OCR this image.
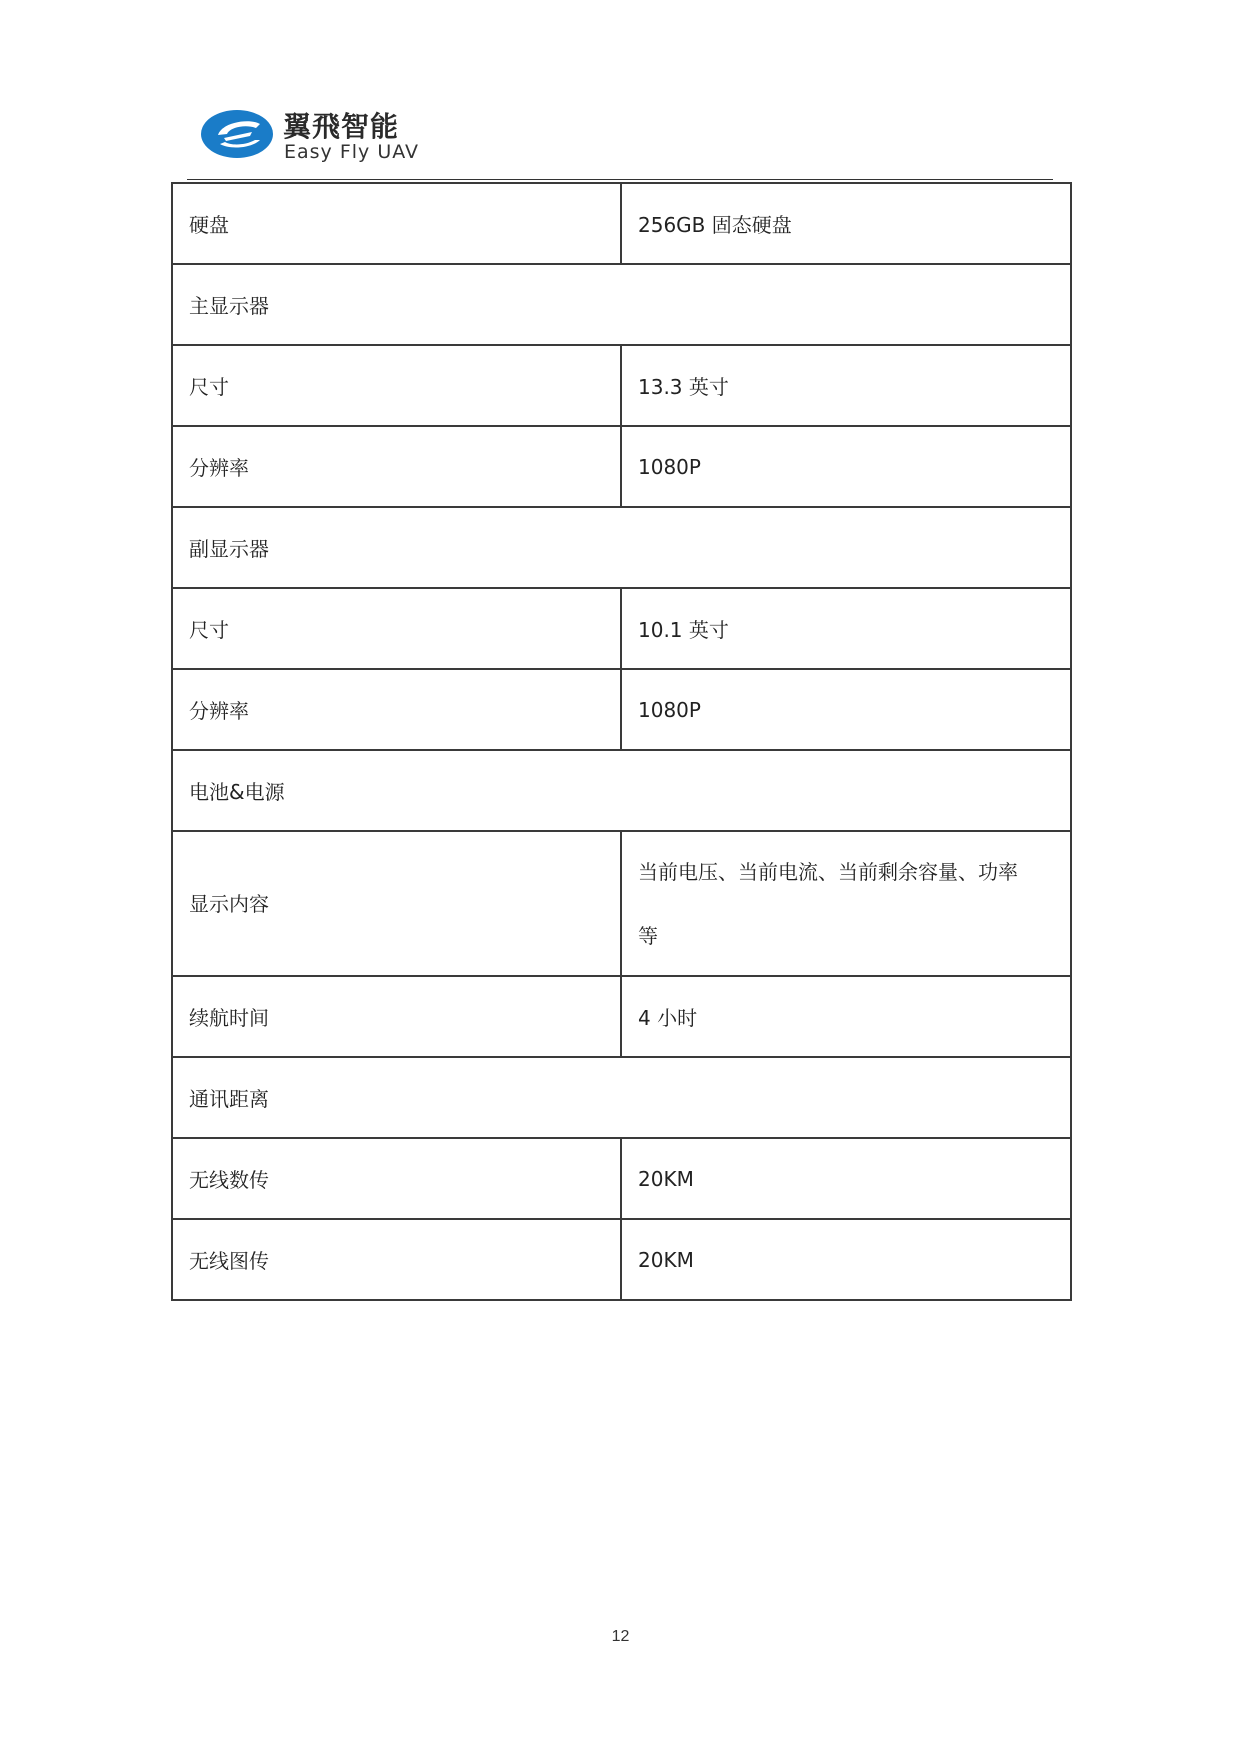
翼飛智能
Easy Fly UAV
硬盘	256GB 固态硬盘
主显示器	
尺寸	13.3 英寸
分辨率	1080P
副显示器	
尺寸	10.1 英寸
分辨率	1080P
电池&电源	
显示内容	当前电压、当前电流、当前剩余容量、功率
等
续航时间	4 小时
通讯距离	
无线数传	20KM
无线图传	20KM
12
